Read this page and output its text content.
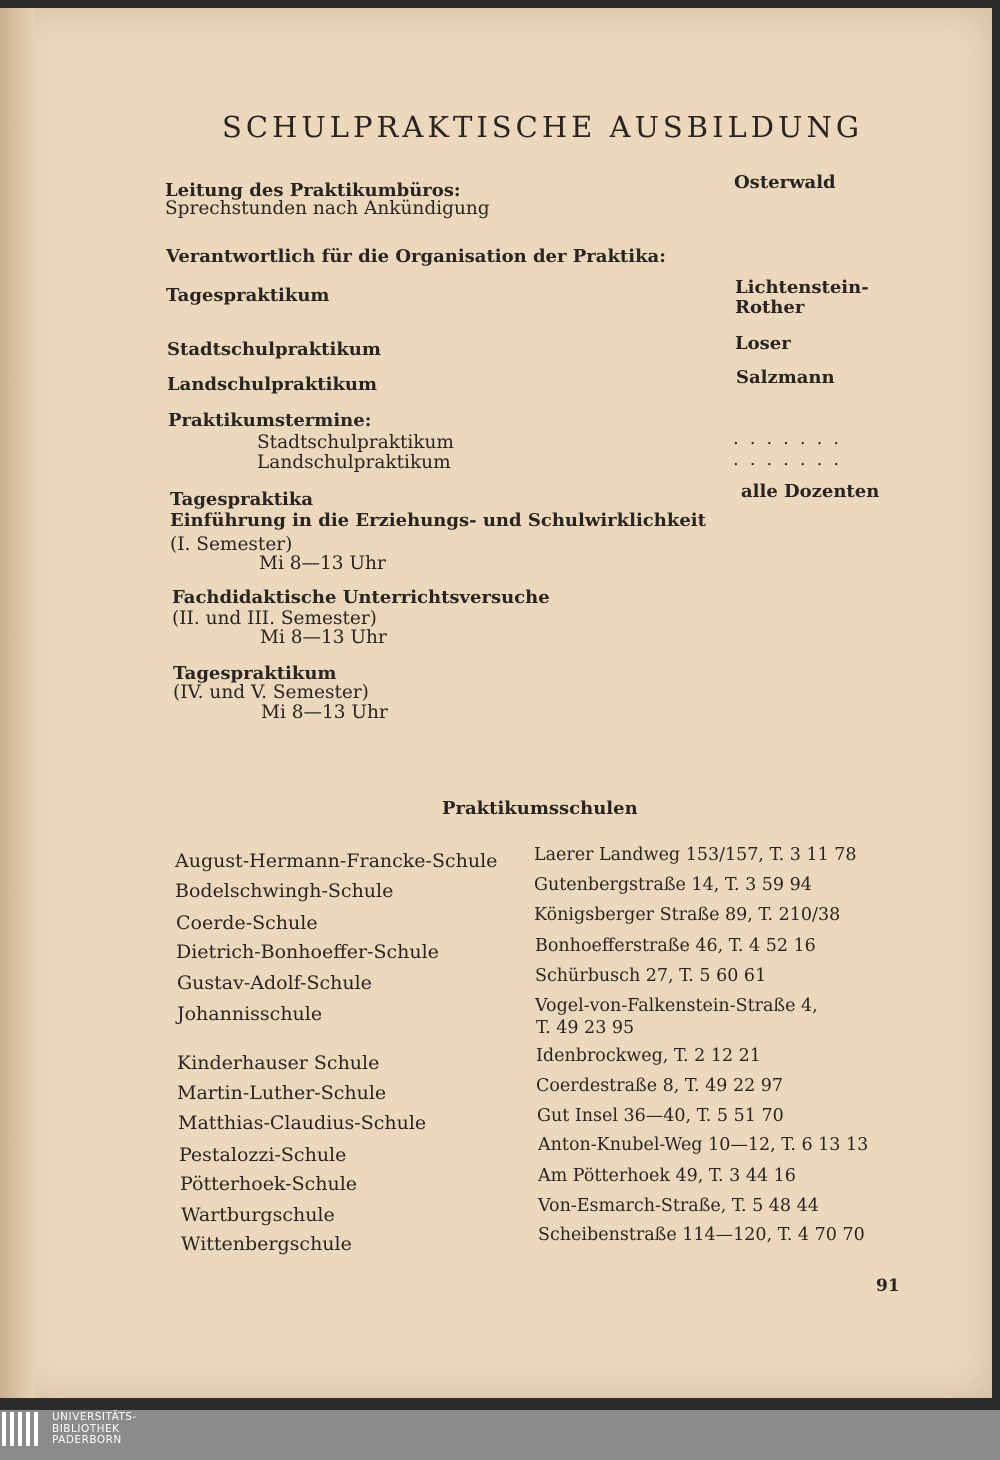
SCHULPRAKTISCHE AUSBILDUNG
Leitung des Praktikumbüros:
Sprechstunden nach Ankündigung
Osterwald
Verantwortlich für die Organisation der Praktika:
Tagespraktikum	Lichtenstein-
Rother
Stadtschulpraktikum	Loser
Landschulpraktikum	Salzmann
Praktikumstermine:
Stadtschulpraktikum	.......
Landschulpraktikum	.......
Tagespraktika	alle Dozenten
Einführung in die Erziehungs- und Schulwirklichkeit
(I. Semester)
Mi 8—13 Uhr
Fachdidaktische Unterrichtsversuche
(II. und III. Semester)
Mi 8—13 Uhr
Tagespraktikum
(IV. und V. Semester)
Mi 8—13 Uhr
Praktikumsschulen
August-Hermann-Francke-Schule Laerer Landweg 153/157, T. 3 11 78
Bodelschwingh-Schule	Gutenbergstraße 14, T. 3 59 94
Coerde-Schule	Königsberger Straße 89, T. 210/38
Dietrich-Bonhoeffer-Schule	Bonhoefferstraße 46, T. 4 52 16
Gustav-Adolf-Schule	Schürbusch 27, T. 5 60 61
Johannisschule	Vogel-von-Falkenstein-Straße 4,
T. 49 23 95
Kinderhauser Schule	Idenbrockweg, T. 2 12 21
Martin-Luther-Schule	Coerdestraße 8, T. 49 22 97
Matthias-Claudius-Schule	Gut Insel 36—40, T. 5 51 70
Pestalozzi-Schule	Anton-Knubel-Weg 10—12, T. 6 13 13
Pötterhoek-Schule	Am Pötterhoek 49, T. 3 44 16
Wartburgschule	Von-Esmarch-Straße, T. 5 48 44
Wittenbergschule	Scheibenstraße 114—120, T. 4 70 70
91
UNIVERSITÄTS-
BIBLIOTHEK
PADERBORN
